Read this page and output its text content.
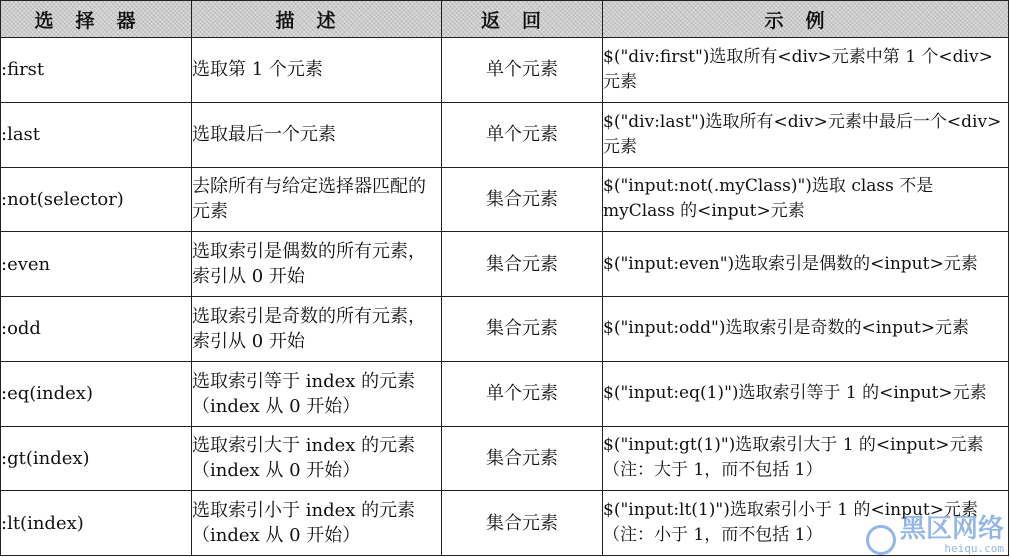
选择器	描述	返回	示例
:first	选取第 1 个元素	单个元素	$("div:first")选取所有<div>元素中第 1 个<div>元素
:last	选取最后一个元素	单个元素	$("div:last")选取所有<div>元素中最后一个<div>元素
:not(selector)	去除所有与给定选择器匹配的元素	集合元素	$("input:not(.myClass)")选取 class 不是 myClass 的<input>元素
:even	选取索引是偶数的所有元素，索引从 0 开始	集合元素	$("input:even")选取索引是偶数的<input>元素
:odd	选取索引是奇数的所有元素，索引从 0 开始	集合元素	$("input:odd")选取索引是奇数的<input>元素
:eq(index)	选取索引等于 index 的元素（index 从 0 开始）	单个元素	$("input:eq(1)")选取索引等于 1 的<input>元素
:gt(index)	选取索引大于 index 的元素（index 从 0 开始）	集合元素	$("input:gt(1)")选取索引大于 1 的<input>元素（注：大于 1，而不包括 1）
:lt(index)	选取索引小于 index 的元素（index 从 0 开始）	集合元素	$("input:lt(1)")选取索引小于 1 的<input>元素（注：小于 1，而不包括 1）	黑区网络
heiqu.com
